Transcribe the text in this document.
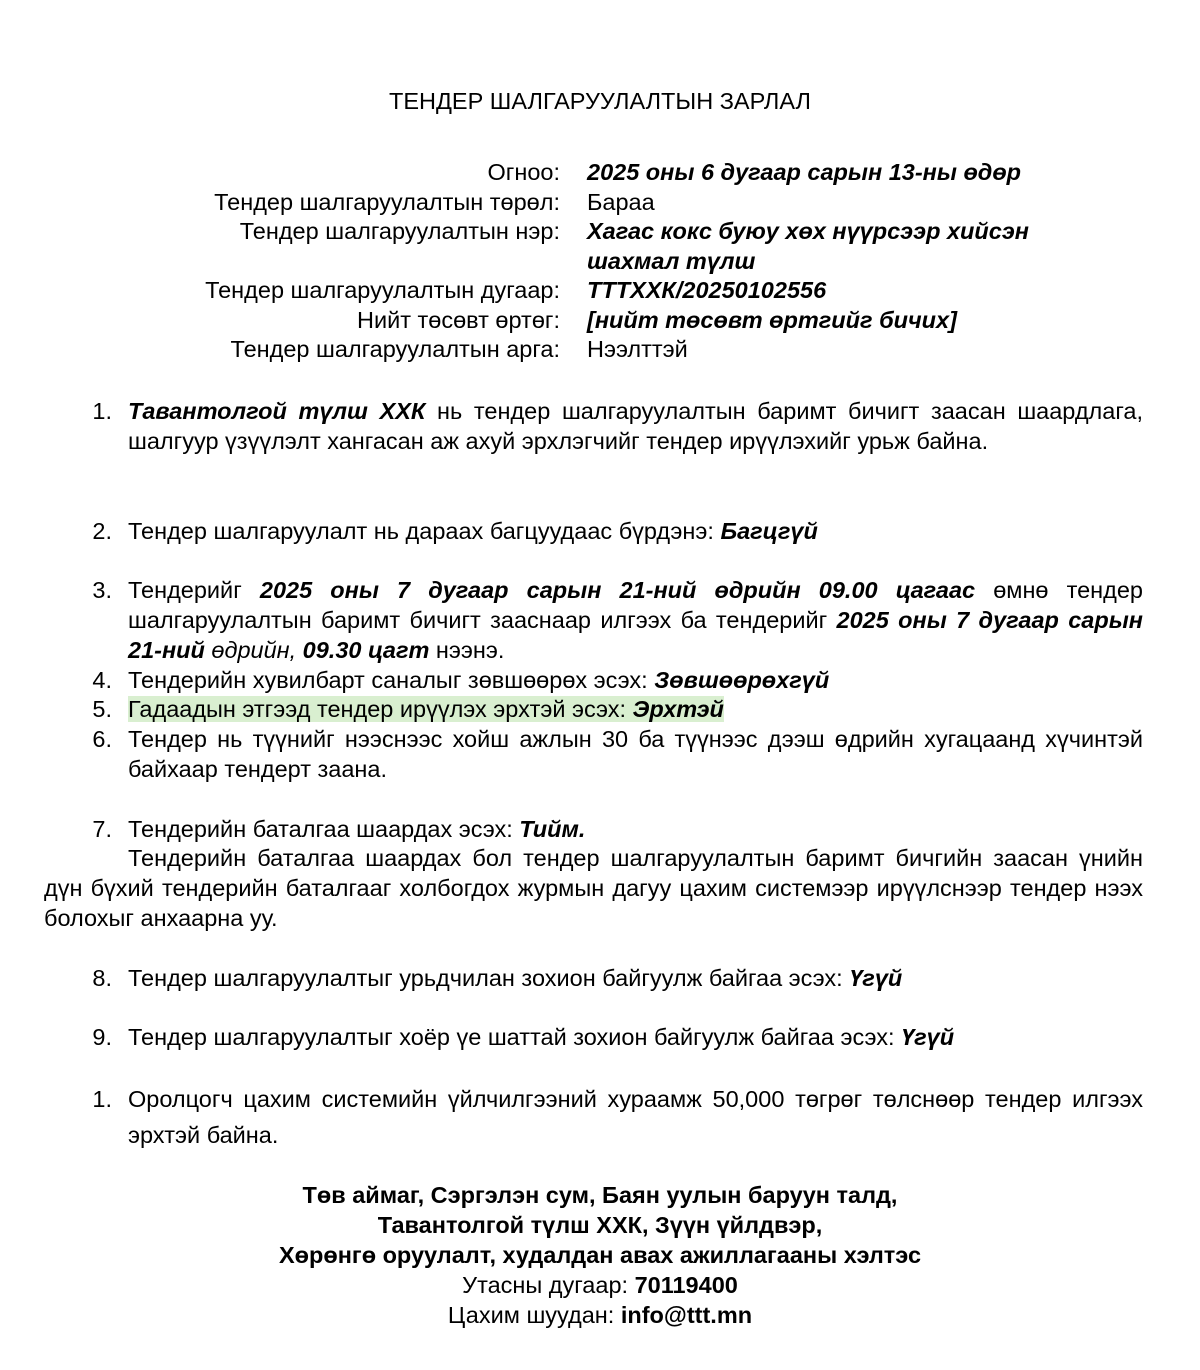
ТЕНДЕР ШАЛГАРУУЛАЛТЫН ЗАРЛАЛ
Огноо: 2025 оны 6 дугаар сарын 13-ны өдөр
Тендер шалгаруулалтын төрөл: Бараа
Тендер шалгаруулалтын нэр: Хагас кокс буюу хөх нүүрсээр хийсэн шахмал түлш
Тендер шалгаруулалтын дугаар: ТТТХХК/20250102556
Нийт төсөвт өртөг: [нийт төсөвт өртгийг бичих]
Тендер шалгаруулалтын арга: Нээлттэй
1. Тавантолгой түлш ХХК нь тендер шалгаруулалтын баримт бичигт заасан шаардлага, шалгуур үзүүлэлт хангасан аж ахуй эрхлэгчийг тендер ирүүлэхийг урьж байна.
2. Тендер шалгаруулалт нь дараах багцуудаас бүрдэнэ: Багцгүй
3. Тендерийг 2025 оны 7 дугаар сарын 21-ний өдрийн 09.00 цагаас өмнө тендер шалгаруулалтын баримт бичигт зааснаар илгээх ба тендерийг 2025 оны 7 дугаар сарын 21-ний өдрийн, 09.30 цагт нээнэ.
4. Тендерийн хувилбарт саналыг зөвшөөрөх эсэх: Зөвшөөрөхгүй
5. Гадаадын этгээд тендер ирүүлэх эрхтэй эсэх: Эрхтэй
6. Тендер нь түүнийг нээснээс хойш ажлын 30 ба түүнээс дээш өдрийн хугацаанд хүчинтэй байхаар тендерт заана.
7. Тендерийн баталгаа шаардах эсэх: Тийм.
Тендерийн баталгаа шаардах бол тендер шалгаруулалтын баримт бичгийн заасан үнийн дүн бүхий тендерийн баталгааг холбогдох журмын дагуу цахим системээр ирүүлснээр тендер нээх болохыг анхаарна уу.
8. Тендер шалгаруулалтыг урьдчилан зохион байгуулж байгаа эсэх: Үгүй
9. Тендер шалгаруулалтыг хоёр үе шаттай зохион байгуулж байгаа эсэх: Үгүй
1. Оролцогч цахим системийн үйлчилгээний хураамж 50,000 төгрөг төлснөөр тендер илгээх эрхтэй байна.
Төв аймаг, Сэргэлэн сум, Баян уулын баруун талд,
Тавантолгой түлш ХХК, Зүүн үйлдвэр,
Хөрөнгө оруулалт, худалдан авах ажиллагааны хэлтэс
Утасны дугаар: 70119400
Цахим шуудан: info@ttt.mn
